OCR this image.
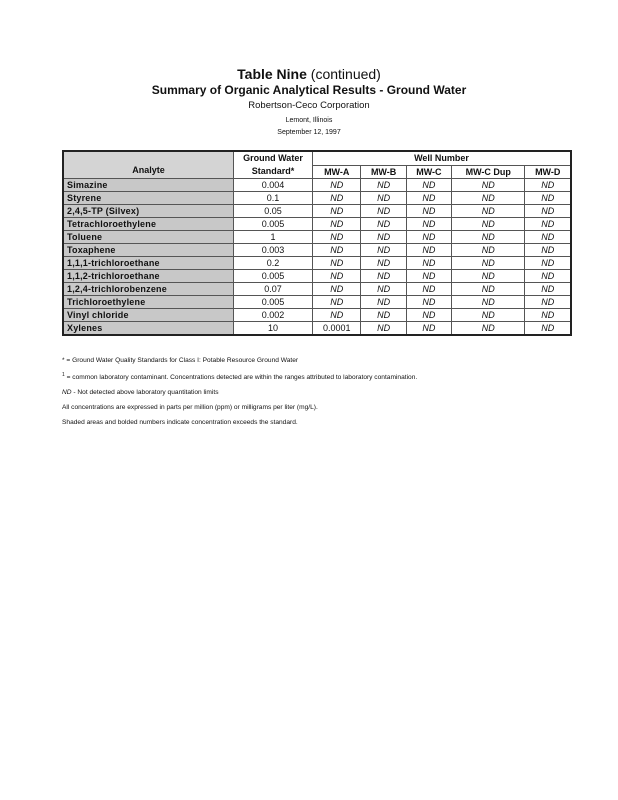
Table Nine (continued)
Summary of Organic Analytical Results - Ground Water
Robertson-Ceco Corporation
Lemont, Illinois
September 12, 1997
Analyte	Ground Water Standard*	Well Number				
		MW-A	MW-B	MW-C	MW-C Dup	MW-D
Simazine	0.004	ND	ND	ND	ND	ND
Styrene	0.1	ND	ND	ND	ND	ND
2,4,5-TP (Silvex)	0.05	ND	ND	ND	ND	ND
Tetrachloroethylene	0.005	ND	ND	ND	ND	ND
Toluene	1	ND	ND	ND	ND	ND
Toxaphene	0.003	ND	ND	ND	ND	ND
1,1,1-trichloroethane	0.2	ND	ND	ND	ND	ND
1,1,2-trichloroethane	0.005	ND	ND	ND	ND	ND
1,2,4-trichlorobenzene	0.07	ND	ND	ND	ND	ND
Trichloroethylene	0.005	ND	ND	ND	ND	ND
Vinyl chloride	0.002	ND	ND	ND	ND	ND
Xylenes	10	0.0001	ND	ND	ND	ND
* = Ground Water Quality Standards for Class I: Potable Resource Ground Water
$^1$ = common laboratory contaminant. Concentrations detected are within the ranges attributed to laboratory contamination.
ND - Not detected above laboratory quantitation limits
All concentrations are expressed in parts per million (ppm) or milligrams per liter (mg/L).
Shaded areas and bolded numbers indicate concentration exceeds the standard.
